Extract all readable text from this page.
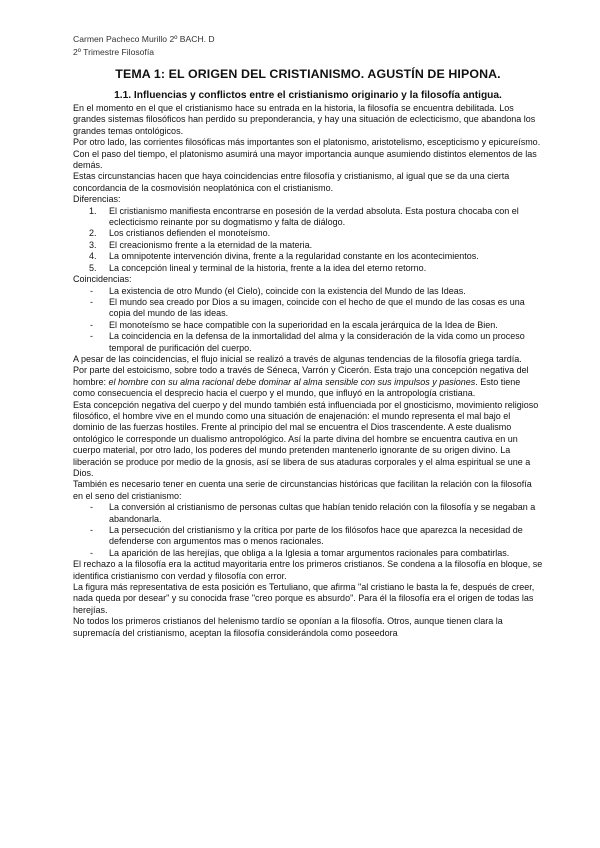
Carmen Pacheco Murillo 2º BACH. D
2º Trimestre Filosofía
TEMA 1: EL ORIGEN DEL CRISTIANISMO. AGUSTÍN DE HIPONA.
1.1. Influencias y conflictos entre el cristianismo originario y la filosofía antigua.

En el momento en el que el cristianismo hace su entrada en la historia, la filosofía se encuentra debilitada. Los grandes sistemas filosóficos han perdido su preponderancia, y hay una situación de eclecticismo, que abandona los grandes temas ontológicos.

Por otro lado, las corrientes filosóficas más importantes son el platonismo, aristotelismo, escepticismo y epicureísmo. Con el paso del tiempo, el platonismo asumirá una mayor importancia aunque asumiendo distintos elementos de las demás.

Estas circunstancias hacen que haya coincidencias entre filosofía y cristianismo, al igual que se da una cierta concordancia de la cosmovisión neoplatónica con el cristianismo.

Diferencias:
1. El cristianismo manifiesta encontrarse en posesión de la verdad absoluta. Esta postura chocaba con el eclecticismo reinante por su dogmatismo y falta de diálogo.
2. Los cristianos defienden el monoteísmo.
3. El creacionismo frente a la eternidad de la materia.
4. La omnipotente intervención divina, frente a la regularidad constante en los acontecimientos.
5. La concepción lineal y terminal de la historia, frente a la idea del eterno retorno.
Coincidencias:
- La existencia de otro Mundo (el Cielo), coincide con la existencia del Mundo de las Ideas.
- El mundo sea creado por Dios a su imagen, coincide con el hecho de que el mundo de las cosas es una copia del mundo de las ideas.
- El monoteísmo se hace compatible con la superioridad en la escala jerárquica de la Idea de Bien.
- La coincidencia en la defensa de la inmortalidad del alma y la consideración de la vida como un proceso temporal de purificación del cuerpo.

A pesar de las coincidencias, el flujo inicial se realizó a través de algunas tendencias de la filosofía griega tardía.

Por parte del estoicismo, sobre todo a través de Séneca, Varrón y Cicerón. Esta trajo una concepción negativa del hombre: el hombre con su alma racional debe dominar al alma sensible con sus impulsos y pasiones. Esto tiene como consecuencia el desprecio hacia el cuerpo y el mundo, que influyó en la antropología cristiana.

Esta concepción negativa del cuerpo y del mundo también está influenciada por el gnosticismo, movimiento religioso filosófico, el hombre vive en el mundo como una situación de enajenación: el mundo representa el mal bajo el dominio de las fuerzas hostiles. Frente al principio del mal se encuentra el Dios trascendente. A este dualismo ontológico le corresponde un dualismo antropológico. Así la parte divina del hombre se encuentra cautiva en un cuerpo material, por otro lado, los poderes del mundo pretenden mantenerlo ignorante de su origen divino. La liberación se produce por medio de la gnosis, así se libera de sus ataduras corporales y el alma espiritual se une a Dios.

También es necesario tener en cuenta una serie de circunstancias históricas que facilitan la relación con la filosofía en el seno del cristianismo:

- La conversión al cristianismo de personas cultas que habían tenido relación con la filosofía y se negaban a abandonarla.
- La persecución del cristianismo y la crítica por parte de los filósofos hace que aparezca la necesidad de defenderse con argumentos mas o menos racionales.
- La aparición de las herejías, que obliga a la Iglesia a tomar argumentos racionales para combatirlas.

El rechazo a la filosofía era la actitud mayoritaria entre los primeros cristianos. Se condena a la filosofía en bloque, se identifica cristianismo con verdad y filosofía con error.

La figura más representativa de esta posición es Tertuliano, que afirma "al cristiano le basta la fe, después de creer, nada queda por desear" y su conocida frase "creo porque es absurdo". Para él la filosofía era el origen de todas las herejías.

No todos los primeros cristianos del helenismo tardío se oponían a la filosofía. Otros, aunque tienen clara la supremacía del cristianismo, aceptan la filosofía considerándola como poseedora
